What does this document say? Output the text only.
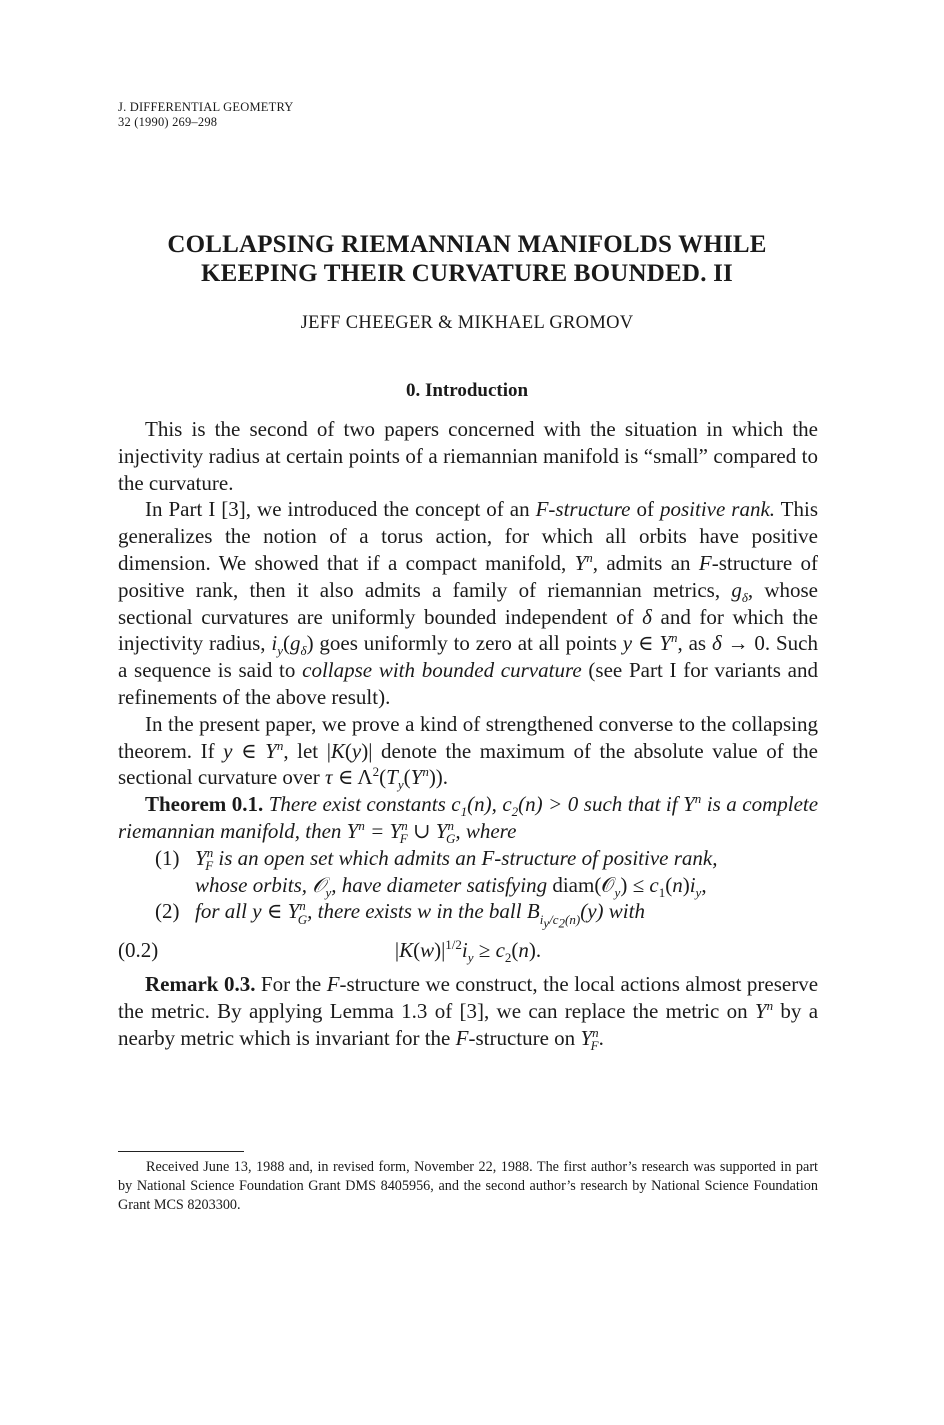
J. DIFFERENTIAL GEOMETRY
32 (1990) 269–298
COLLAPSING RIEMANNIAN MANIFOLDS WHILE
KEEPING THEIR CURVATURE BOUNDED. II
JEFF CHEEGER & MIKHAEL GROMOV
0. Introduction

This is the second of two papers concerned with the situation in which the injectivity radius at certain points of a riemannian manifold is “small” compared to the curvature.

In Part I [3], we introduced the concept of an F-structure of positive rank. This generalizes the notion of a torus action, for which all orbits have positive dimension. We showed that if a compact manifold, $Y^n$, admits an F-structure of positive rank, then it also admits a family of riemannian metrics, $g_\delta$, whose sectional curvatures are uniformly bounded independent of δ and for which the injectivity radius, $i_y(g_\delta)$ goes uniformly to zero at all points y ∈ $Y^n$, as δ → 0. Such a sequence is said to collapse with bounded curvature (see Part I for variants and refinements of the above result).

In the present paper, we prove a kind of strengthened converse to the collapsing theorem. If y ∈ $Y^n$, let |K(y)| denote the maximum of the absolute value of the sectional curvature over τ ∈ $\Lambda^2(T_y(Y^n))$.

Theorem 0.1. There exist constants $c_1(n)$, $c_2(n) > 0$ such that if $Y^n$ is a complete riemannian manifold, then $Y^n = Y^n_F$ ∪ $Y^n_G$, where

(1) $Y^n_F$ is an open set which admits an F-structure of positive rank,
whose orbits, 𝒪$_y$, have diameter satisfying diam(𝒪$_y$) ≤ $c_1(n)i_y$,
(2) for all y ∈ $Y^n_G$, there exists w in the ball $B_{i_y/c_2(n)}(y)$ with
(0.2)	$|K(w)|^{1/2}i_y \ge c_2(n)$.

Remark 0.3. For the F-structure we construct, the local actions almost preserve the metric. By applying Lemma 1.3 of [3], we can replace the metric on $Y^n$ by a nearby metric which is invariant for the F-structure on $Y^n_F$.

Received June 13, 1988 and, in revised form, November 22, 1988. The first author’s research was supported in part by National Science Foundation Grant DMS 8405956, and the second author’s research by National Science Foundation Grant MCS 8203300.
